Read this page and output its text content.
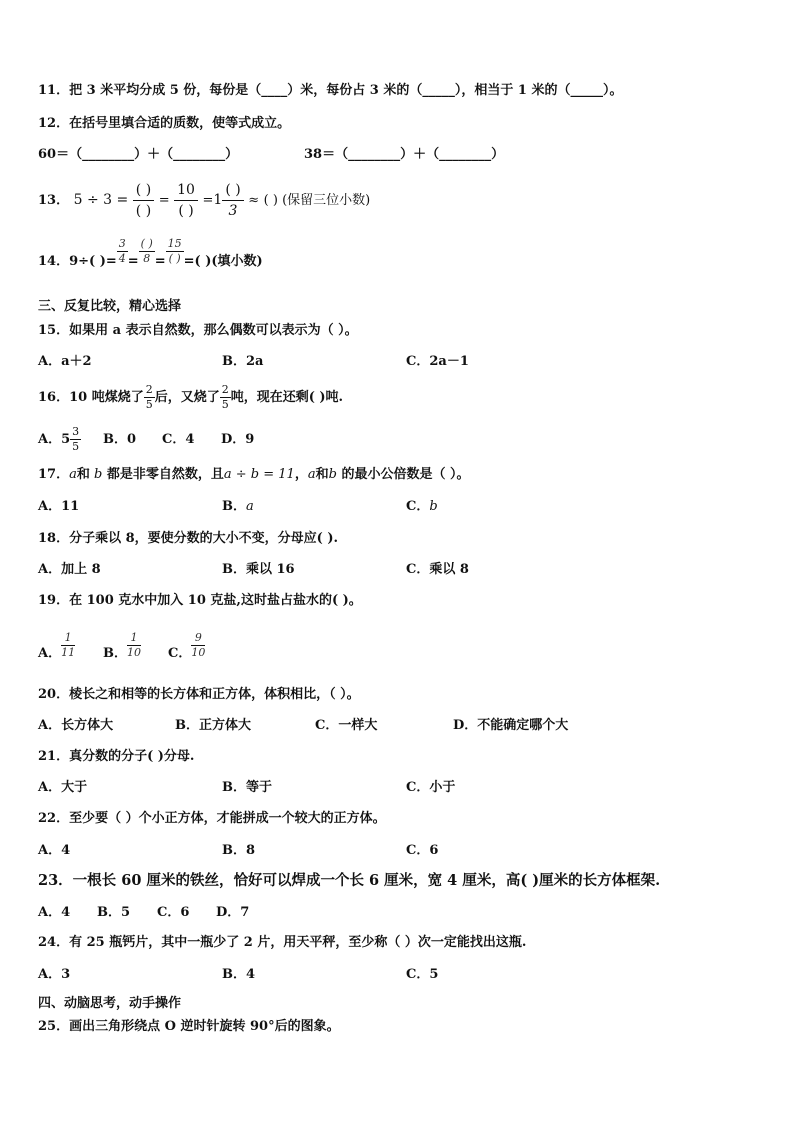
11．把 3 米平均分成 5 份，每份是（____）米，每份占 3 米的（_____），相当于 1 米的（_____）。
12．在括号里填合适的质数，使等式成立。
60＝（________）＋（________）	38＝（________）＋（________）
13． $5 \div 3 = \frac{( )}{( )} = \frac{10}{( )} =1 \frac{( )}{3}$ ≈ ( ) (保留三位小数)
14．9÷( )= $\frac{3}{4} = \frac{( )}{8} = \frac{15}{( )}$ =( )(填小数)
三、反复比较，精心选择
15．如果用 a 表示自然数，那么偶数可以表示为（ ）。
A．a＋2	B．2a	C．2a－1
16．10 吨煤烧了 $\frac{2}{5}$ 后，又烧了 $\frac{2}{5}$ 吨，现在还剩( )吨.
A．$5 \frac{3}{5}$ B．0 C．4 D．9
17．a和 b 都是非零自然数，且a ÷ b = 11，a和b 的最小公倍数是（ ）。
A．11	B．a	C．b
18．分子乘以 8，要使分数的大小不变，分母应( ).
A．加上 8	B．乘以 16	C．乘以 8
19．在 100 克水中加入 10 克盐,这时盐占盐水的( )。
A． $\frac{1}{11}$ B． $\frac{1}{10}$ C． $\frac{9}{10}$
20．棱长之和相等的长方体和正方体，体积相比，（ ）。
A．长方体大	B．正方体大	C．一样大	D．不能确定哪个大
21．真分数的分子( )分母.
A．大于	B．等于	C．小于
22．至少要（ ）个小正方体，才能拼成一个较大的正方体。
A．4	B．8	C．6
23．一根长 60 厘米的铁丝，恰好可以焊成一个长 6 厘米，宽 4 厘米，高( )厘米的长方体框架.
A．4 B．5 C．6 D．7
24．有 25 瓶钙片，其中一瓶少了 2 片，用天平秤，至少称（ ）次一定能找出这瓶.
A．3	B．4	C．5
四、动脑思考，动手操作
25．画出三角形绕点 O 逆时针旋转 90°后的图象。
